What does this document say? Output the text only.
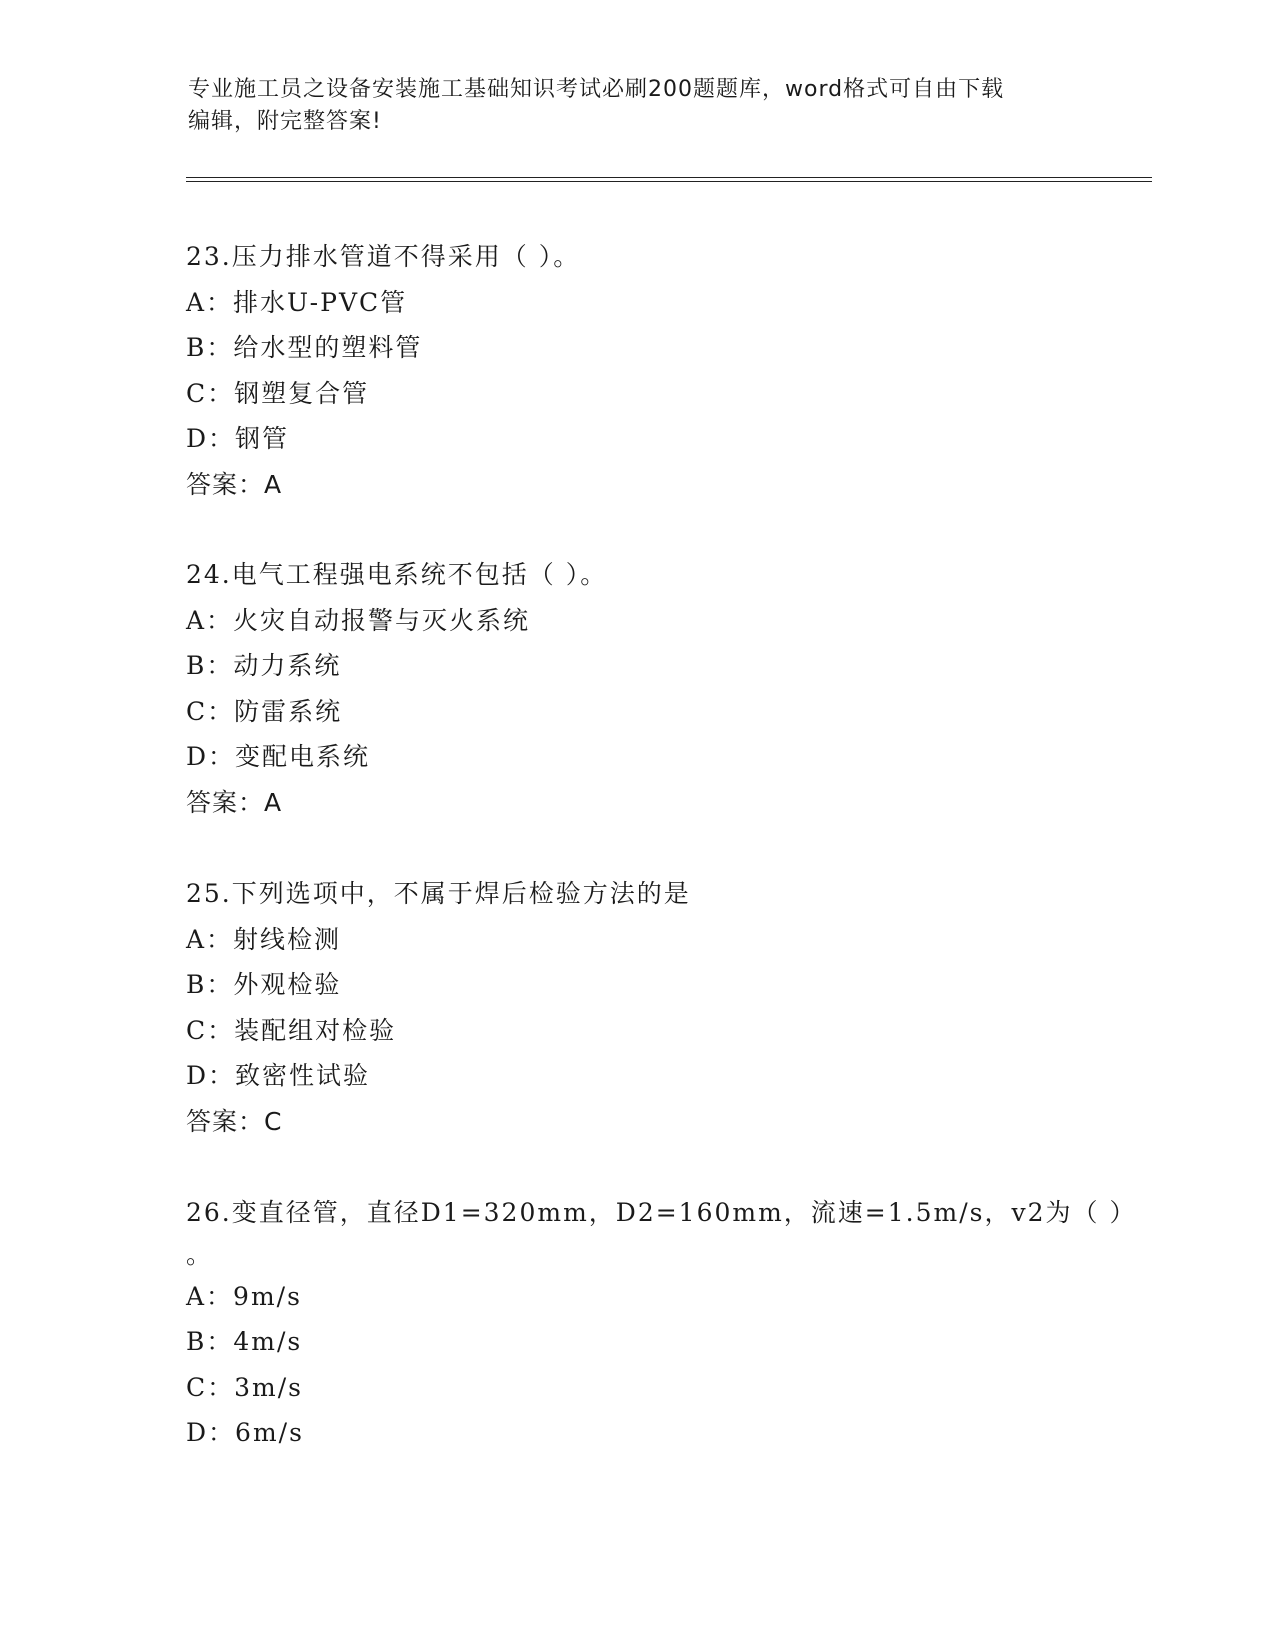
专业施工员之设备安装施工基础知识考试必刷200题题库，word格式可自由下载
编辑，附完整答案!
23.压力排水管道不得采用（ ）。
A：排水U-PVC管
B：给水型的塑料管
C：钢塑复合管
D：钢管
答案：A
24.电气工程强电系统不包括（ ）。
A：火灾自动报警与灭火系统
B：动力系统
C：防雷系统
D：变配电系统
答案：A
25.下列选项中，不属于焊后检验方法的是
A：射线检测
B：外观检验
C：装配组对检验
D：致密性试验
答案：C
26.变直径管，直径D1=320mm，D2=160mm，流速=1.5m/s，v2为（ ）
。
A：9m/s
B：4m/s
C：3m/s
D：6m/s
